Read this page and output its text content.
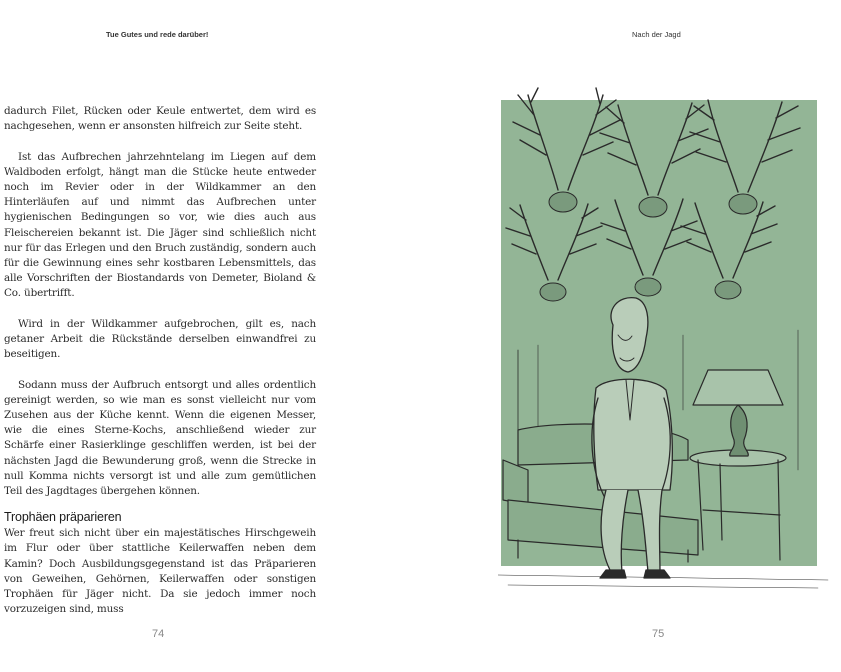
Tue Gutes und rede darüber!

dadurch Filet, Rücken oder Keule entwertet, dem wird es nachgesehen, wenn er ansonsten hilfreich zur Seite steht.

Ist das Aufbrechen jahrzehntelang im Liegen auf dem Waldboden erfolgt, hängt man die Stücke heute entweder noch im Revier oder in der Wildkammer an den Hinterläufen auf und nimmt das Aufbrechen unter hygienischen Bedingungen so vor, wie dies auch aus Fleischereien bekannt ist. Die Jäger sind schließlich nicht nur für das Erlegen und den Bruch zuständig, sondern auch für die Gewinnung eines sehr kostbaren Lebensmittels, das alle Vorschriften der Biostandards von Demeter, Bioland & Co. übertrifft.

Wird in der Wildkammer aufgebrochen, gilt es, nach getaner Arbeit die Rückstände derselben einwandfrei zu beseitigen.

Sodann muss der Aufbruch entsorgt und alles ordentlich gereinigt werden, so wie man es sonst vielleicht nur vom Zusehen aus der Küche kennt. Wenn die eigenen Messer, wie die eines Sterne-Kochs, anschließend wieder zur Schärfe einer Rasierklinge geschliffen werden, ist bei der nächsten Jagd die Bewunderung groß, wenn die Strecke in null Komma nichts versorgt ist und alle zum gemütlichen Teil des Jagdtages übergehen können.

Trophäen präparieren

Wer freut sich nicht über ein majestätisches Hirschgeweih im Flur oder über stattliche Keilerwaffen neben dem Kamin? Doch Ausbildungsgegenstand ist das Präparieren von Geweihen, Gehörnen, Keilerwaffen oder sonstigen Trophäen für Jäger nicht. Da sie jedoch immer noch vorzuzeigen sind, muss

74
Nach der Jagd
75
